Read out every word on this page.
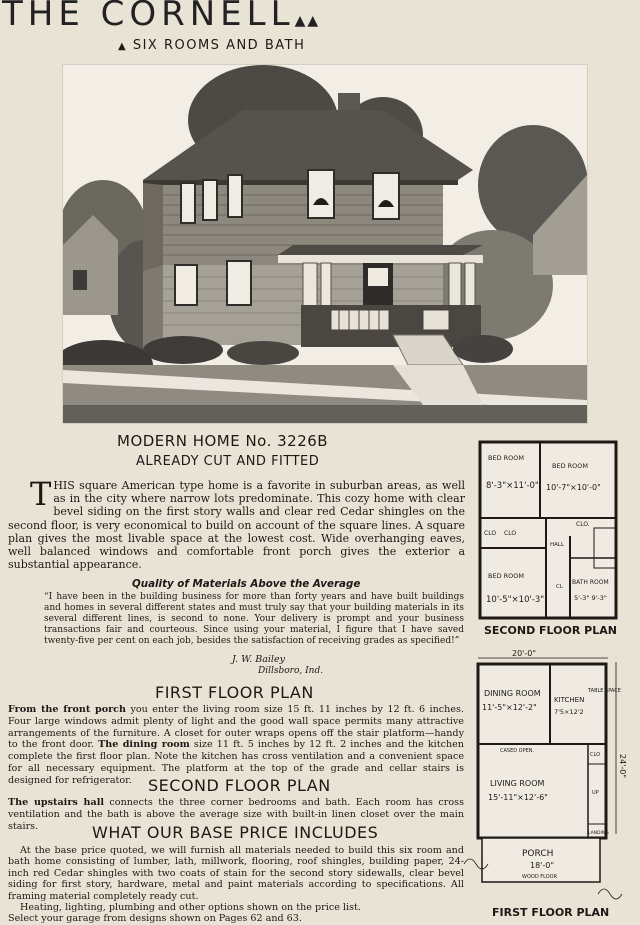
THE CORNELL▲▲
▲ SIX ROOMS AND BATH
MODERN HOME No. 3226B
ALREADY CUT AND FITTED
THIS square American type home is a favorite in suburban areas, as well as in the city where narrow lots predominate. This cozy home with clear bevel siding on the first story walls and clear red Cedar shingles on the second floor, is very economical to build on account of the square lines. A square plan gives the most livable space at the lowest cost. Wide overhanging eaves, well balanced windows and comfortable front porch gives the exterior a substantial appearance.
Quality of Materials Above the Average
“I have been in the building business for more than forty years and have built buildings and homes in several different states and must truly say that your building materials in its several different lines, is second to none. Your delivery is prompt and your business transactions fair and courteous. Since using your material, I figure that I have saved twenty-five per cent on each job, besides the satisfaction of receiving grades as specified!”
J. W. Bailey
Dillsboro, Ind.
FIRST FLOOR PLAN
From the front porch you enter the living room size 15 ft. 11 inches by 12 ft. 6 inches. Four large windows admit plenty of light and the good wall space permits many attractive arrangements of the furniture. A closet for outer wraps opens off the stair platform—handy to the front door. The dining room size 11 ft. 5 inches by 12 ft. 2 inches and the kitchen complete the first floor plan. Note the kitchen has cross ventilation and a convenient space for all necessary equipment. The platform at the top of the grade and cellar stairs is designed for refrigerator.	SECOND FLOOR PLAN
The upstairs hall connects the three corner bedrooms and bath. Each room has cross ventilation and the bath is above the average size with built-in linen closet over the main stairs.	WHAT OUR BASE PRICE INCLUDES
At the base price quoted, we will furnish all materials needed to build this six room and bath home consisting of lumber, lath, millwork, flooring, roof shingles, building paper, 24-inch red Cedar shingles with two coats of stain for the second story sidewalls, clear bevel siding for first story, hardware, metal and paint materials according to specifications. All framing material completely ready cut.
Heating, lighting, plumbing and other options shown on the price list.
Select your garage from designs shown on Pages 62 and 63.
BED ROOM
8'-3"×11'-0"
BED ROOM
10'-7"×10'-0"
BED ROOM
10'-5"×10'-3"
BATH ROOM
5'-3" 9'-3"
CLO.
CLO CLO
HALL
CL
SECOND FLOOR PLAN
20'-0"
24'-0"
DINING ROOM
11'-5"×12'-2"
KITCHEN
7'5×12'2
LIVING ROOM
15'-11"×12'-6"
PORCH
18'-0"
TABLE SPACE
CASED OPEN.
LANDING
CLO
WOOD FLOOR
UP
FIRST FLOOR PLAN
